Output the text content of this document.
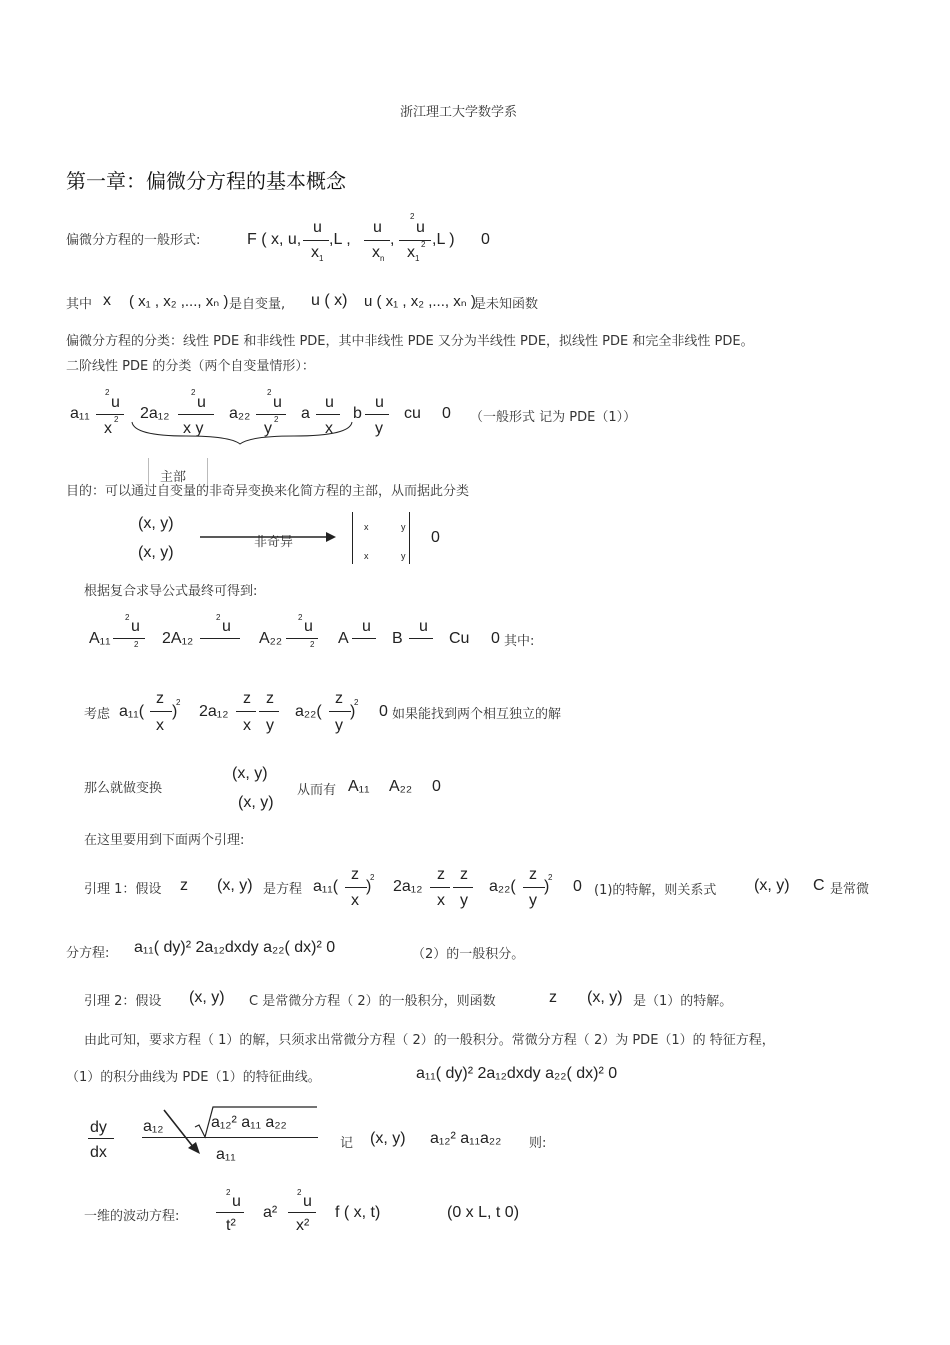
浙江理工大学数学系
第一章：偏微分方程的基本概念
偏微分方程的一般形式:	F ( x, u,
u
x 1
,L ,
u
x n
,
2
u
x 1
2 ,L ) 0
其中 x ( x₁ , x₂ ,..., xₙ ) 是自变量, u ( x) u ( x₁ , x₂ ,..., xₙ )
是未知函数
偏微分方程的分类：线性 PDE 和非线性 PDE，其中非线性 PDE 又分为半线性 PDE，拟线性 PDE 和完全非线性 PDE。
二阶线性 PDE 的分类（两个自变量情形）：
a₁₁
2
u
x
2 2a₁₂
2
u
x y
a₂₂
2
u
y
2 a
u
x
b
u
y
cu 0 （一般形式 记为 PDE（1））
主部
目的：可以通过自变量的非奇异变换来化简方程的主部，从而据此分类
(x, y)
(x, y)
非奇异
x	y
x	y
0
根据复合求导公式最终可得到:
A₁₁
2
u
2 2A₁₂
2
u
A₂₂
2
u
2 A
u
B
u
Cu 0 其中:
考虑 a₁₁(
z
x
)
2
2a₁₂
z
x
z
y
a₂₂(
z
y
)
2
0 如果能找到两个相互独立的解
那么就做变换
(x, y)
(x, y)
从而有 A₁₁ A₂₂ 0
在这里要用到下面两个引理:
引理 1：假设 z (x, y) 是方程 a₁₁(
z
x
)
2
2a₁₂
z
x
z
y
a₂₂(
z
y
)
2
0 (1)的特解，则关系式 (x, y) C 是常微
分方程: a₁₁( dy)² 2a₁₂dxdy a₂₂( dx)² 0	（2）的一般积分。
引理 2：假设 (x, y) C 是常微分方程（ 2）的一般积分，则函数	z (x, y) 是（1）的特解。
由此可知，要求方程（ 1）的解，只须求出常微分方程（ 2）的一般积分。常微分方程（ 2）为 PDE（1）的 特征方程，
（1）的积分曲线为 PDE（1）的特征曲线。	a₁₁( dy)² 2a₁₂dxdy a₂₂( dx)² 0
dy
dx
a₁₂	a₁₂² a₁₁ a₂₂
a₁₁
记 (x, y) a₁₂² a₁₁a₂₂ 则:
一维的波动方程:
2
u
t²
a²
2
u
x²
f ( x, t)	(0 x L, t 0)
